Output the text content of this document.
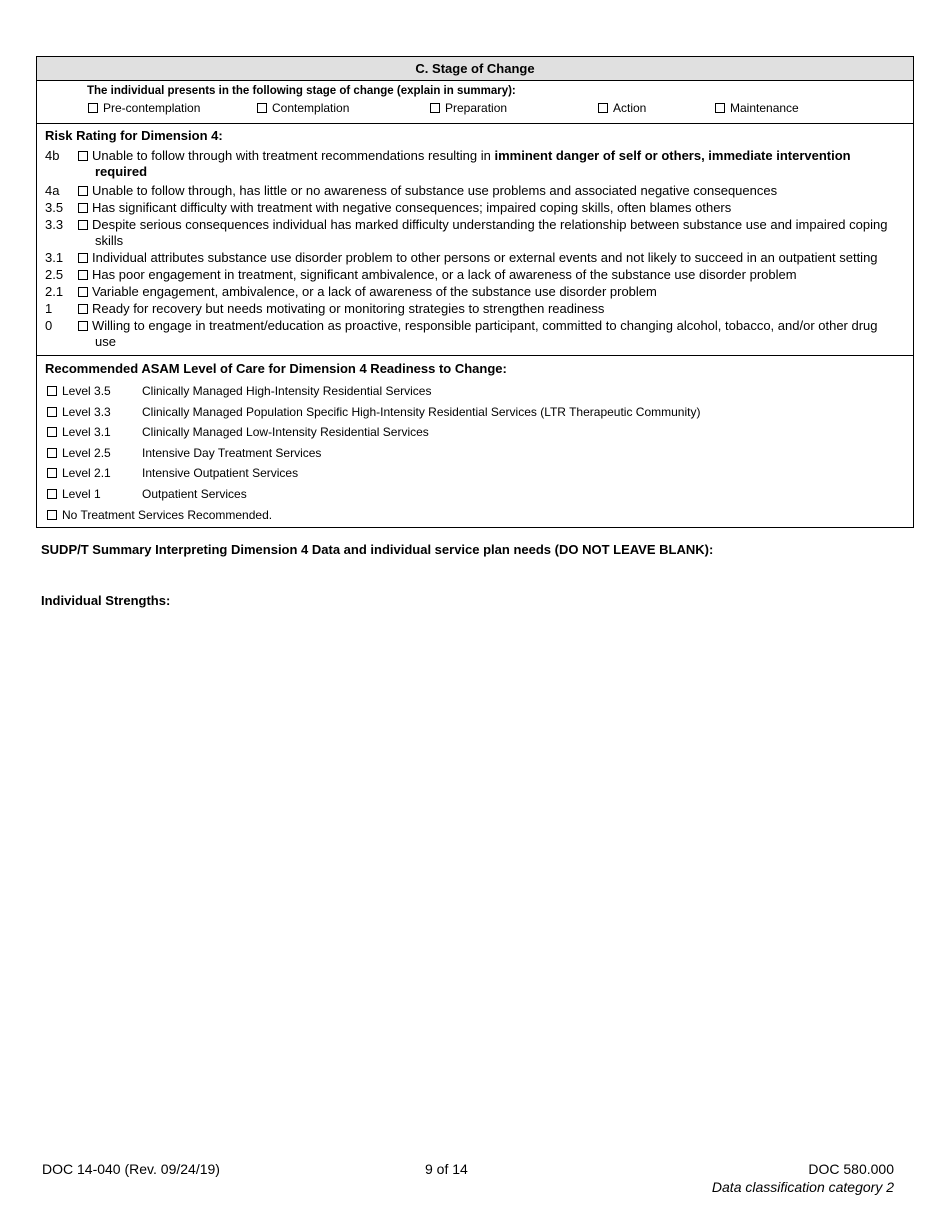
C. Stage of Change
The individual presents in the following stage of change (explain in summary):
Pre-contemplation	Contemplation	Preparation	Action	Maintenance
Risk Rating for Dimension 4:
4b	Unable to follow through with treatment recommendations resulting in imminent danger of self or others, immediate intervention required
4a	Unable to follow through, has little or no awareness of substance use problems and associated negative consequences
3.5	Has significant difficulty with treatment with negative consequences; impaired coping skills, often blames others
3.3	Despite serious consequences individual has marked difficulty understanding the relationship between substance use and impaired coping skills
3.1	Individual attributes substance use disorder problem to other persons or external events and not likely to succeed in an outpatient setting
2.5	Has poor engagement in treatment, significant ambivalence, or a lack of awareness of the substance use disorder problem
2.1	Variable engagement, ambivalence, or a lack of awareness of the substance use disorder problem
1	Ready for recovery but needs motivating or monitoring strategies to strengthen readiness
0	Willing to engage in treatment/education as proactive, responsible participant, committed to changing alcohol, tobacco, and/or other drug use
Recommended ASAM Level of Care for Dimension 4 Readiness to Change:
Level 3.5	Clinically Managed High-Intensity Residential Services
Level 3.3	Clinically Managed Population Specific High-Intensity Residential Services (LTR Therapeutic Community)
Level 3.1	Clinically Managed Low-Intensity Residential Services
Level 2.5	Intensive Day Treatment Services
Level 2.1	Intensive Outpatient Services
Level 1	Outpatient Services
No Treatment Services Recommended.
SUDP/T Summary Interpreting Dimension 4 Data and individual service plan needs (DO NOT LEAVE BLANK):
Individual Strengths:
DOC 14-040 (Rev. 09/24/19)	9 of 14	DOC 580.000
Data classification category 2
